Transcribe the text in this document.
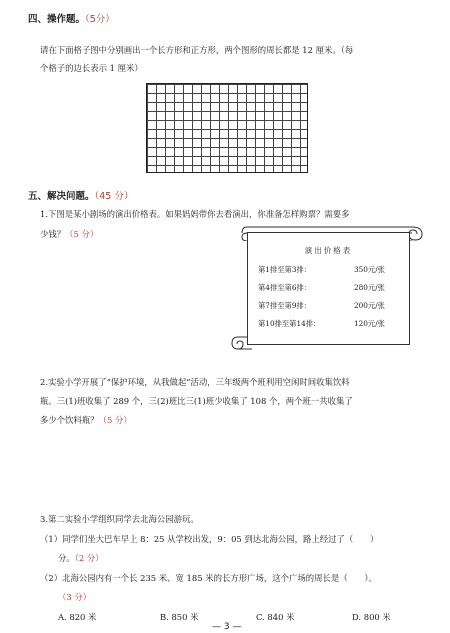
四、操作题。（5分）
请在下面格子图中分别画出一个长方形和正方形，两个图形的周长都是 12 厘米。（每
个格子的边长表示 1 厘米）
五、解决问题。（45 分）
1.下图是某小剧场的演出价格表。如果妈妈带你去看演出，你准备怎样购票？需要多
少钱？（5 分）
演出价格表
第1排至第3排：	350元/张
第4排至第6排：	280元/张
第7排至第9排：	200元/张
第10排至第14排：	120元/张
2.实验小学开展了“保护环境，从我做起”活动，三年级两个班利用空闲时间收集饮料
瓶。三(1)班收集了 289 个，三(2)班比三(1)班少收集了 108 个，两个班一共收集了
多少个饮料瓶？（5 分）
3.第二实验小学组织同学去北海公园游玩。
（1）同学们坐大巴车早上 8：25 从学校出发，9：05 到达北海公园，路上经过了（　　）
分。（2 分）
（2）北海公园内有一个长 235 米、宽 185 米的长方形广场，这个广场的周长是（　　）。
（3 分）
A. 820 米	B. 850 米	C. 840 米	D. 800 米
— 3 —
